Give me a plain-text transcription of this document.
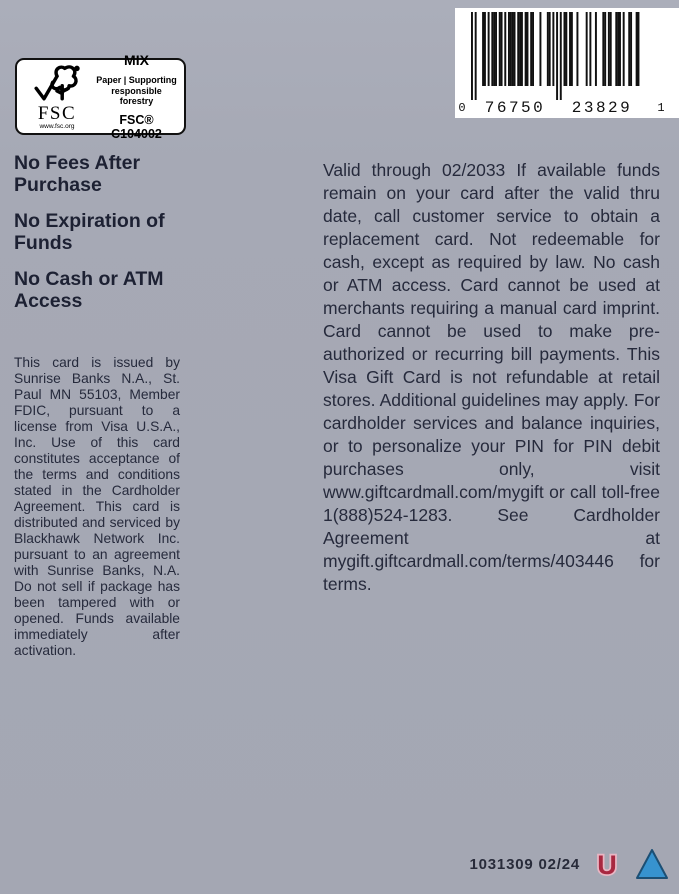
FSC
www.fsc.org
MIX
Paper | Supporting
responsible forestry
FSC® C104002
0 76750 23829 1
No Fees After Purchase
No Expiration of Funds
No Cash or ATM Access
This card is issued by Sunrise Banks N.A., St. Paul MN 55103, Member FDIC, pursuant to a license from Visa U.S.A., Inc. Use of this card constitutes acceptance of the terms and conditions stated in the Cardholder Agreement. This card is distributed and serviced by Blackhawk Network Inc. pursuant to an agreement with Sunrise Banks, N.A. Do not sell if package has been tampered with or opened. Funds available immediately after activation.
Valid through 02/2033 If available funds remain on your card after the valid thru date, call customer service to obtain a replacement card. Not redeemable for cash, except as required by law. No cash or ATM access. Card cannot be used at merchants requiring a manual card imprint. Card cannot be used to make pre-authorized or recurring bill payments. This Visa Gift Card is not refundable at retail stores. Additional guidelines may apply. For cardholder services and balance inquiries, or to personalize your PIN for PIN debit purchases only, visit www.giftcardmall.com/mygift or call toll-free 1(888)524-1283. See Cardholder Agreement at mygift.giftcardmall.com/terms/403446 for terms.
1031309 02/24 U
